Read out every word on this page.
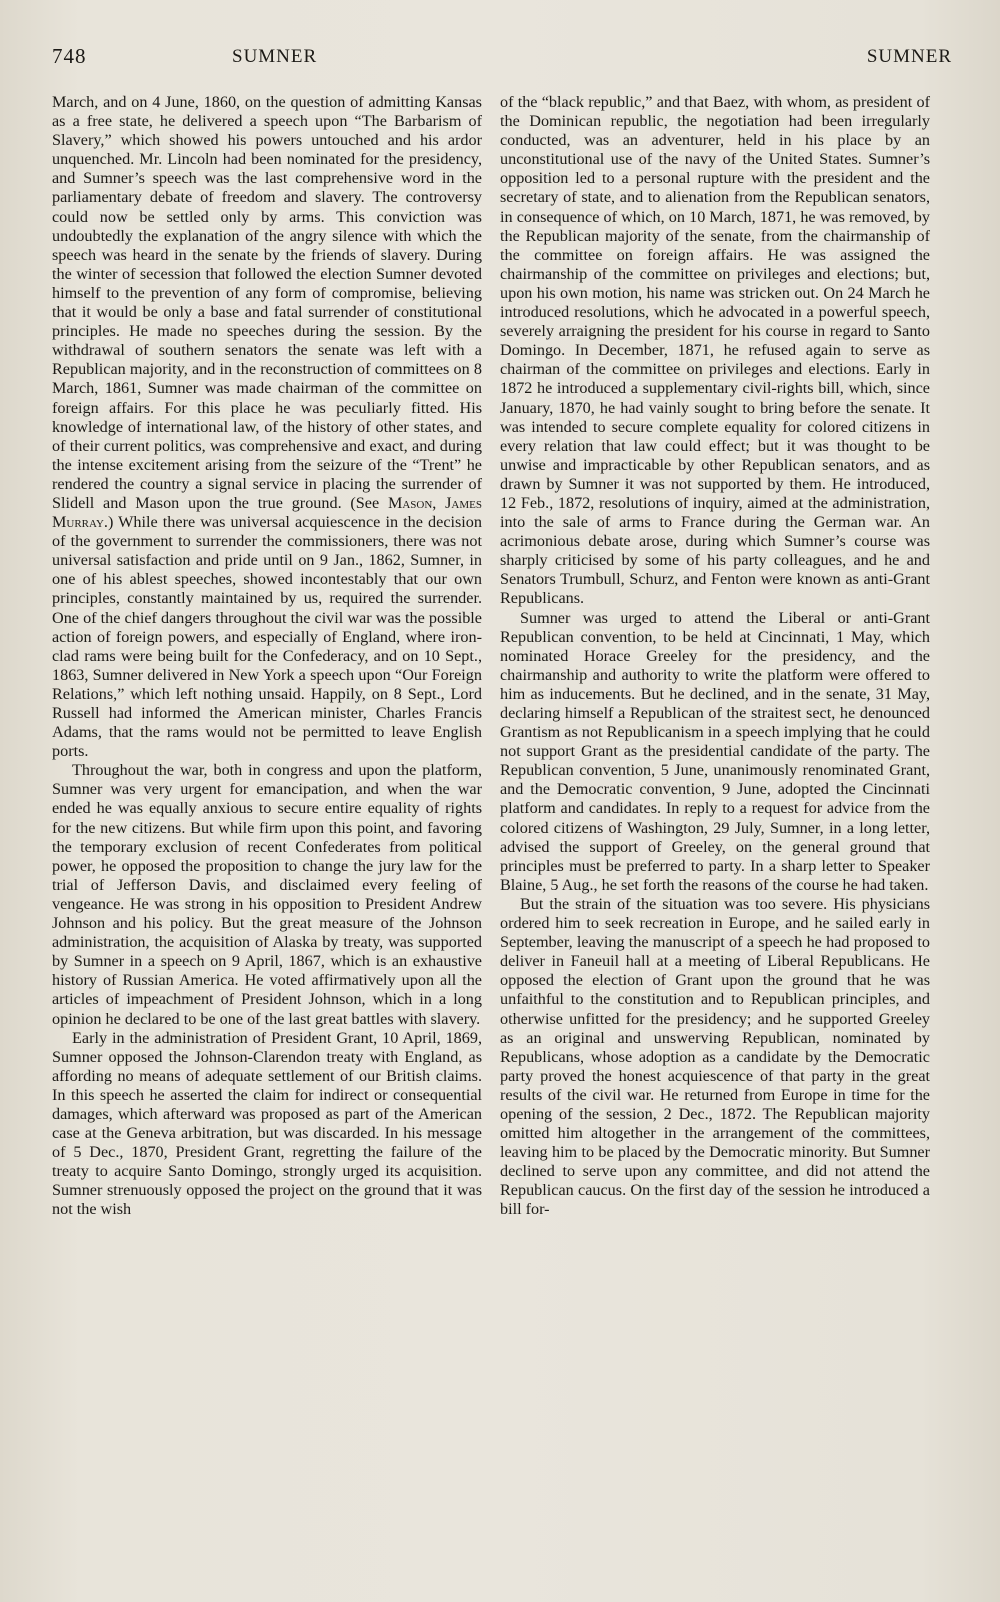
748	SUMNER	SUMNER

March, and on 4 June, 1860, on the question of admitting Kansas as a free state, he delivered a speech upon “The Barbarism of Slavery,” which showed his powers untouched and his ardor unquenched. Mr. Lincoln had been nominated for the presidency, and Sumner’s speech was the last comprehensive word in the parliamentary debate of freedom and slavery. The controversy could now be settled only by arms. This conviction was undoubtedly the explanation of the angry silence with which the speech was heard in the senate by the friends of slavery. During the winter of secession that followed the election Sumner devoted himself to the prevention of any form of compromise, believing that it would be only a base and fatal surrender of constitutional principles. He made no speeches during the session. By the withdrawal of southern senators the senate was left with a Republican majority, and in the reconstruction of committees on 8 March, 1861, Sumner was made chairman of the committee on foreign affairs. For this place he was peculiarly fitted. His knowledge of international law, of the history of other states, and of their current politics, was comprehensive and exact, and during the intense excitement arising from the seizure of the “Trent” he rendered the country a signal service in placing the surrender of Slidell and Mason upon the true ground. (See Mason, James Murray.) While there was universal acquiescence in the decision of the government to surrender the commissioners, there was not universal satisfaction and pride until on 9 Jan., 1862, Sumner, in one of his ablest speeches, showed incontestably that our own principles, constantly maintained by us, required the surrender. One of the chief dangers throughout the civil war was the possible action of foreign powers, and especially of England, where iron-clad rams were being built for the Confederacy, and on 10 Sept., 1863, Sumner delivered in New York a speech upon “Our Foreign Relations,” which left nothing unsaid. Happily, on 8 Sept., Lord Russell had informed the American minister, Charles Francis Adams, that the rams would not be permitted to leave English ports.

Throughout the war, both in congress and upon the platform, Sumner was very urgent for emancipation, and when the war ended he was equally anxious to secure entire equality of rights for the new citizens. But while firm upon this point, and favoring the temporary exclusion of recent Confederates from political power, he opposed the proposition to change the jury law for the trial of Jefferson Davis, and disclaimed every feeling of vengeance. He was strong in his opposition to President Andrew Johnson and his policy. But the great measure of the Johnson administration, the acquisition of Alaska by treaty, was supported by Sumner in a speech on 9 April, 1867, which is an exhaustive history of Russian America. He voted affirmatively upon all the articles of impeachment of President Johnson, which in a long opinion he declared to be one of the last great battles with slavery.

Early in the administration of President Grant, 10 April, 1869, Sumner opposed the Johnson-Clarendon treaty with England, as affording no means of adequate settlement of our British claims. In this speech he asserted the claim for indirect or consequential damages, which afterward was proposed as part of the American case at the Geneva arbitration, but was discarded. In his message of 5 Dec., 1870, President Grant, regretting the failure of the treaty to acquire Santo Domingo, strongly urged its acquisition. Sumner strenuously opposed the project on the ground that it was not the wish

of the “black republic,” and that Baez, with whom, as president of the Dominican republic, the negotiation had been irregularly conducted, was an adventurer, held in his place by an unconstitutional use of the navy of the United States. Sumner’s opposition led to a personal rupture with the president and the secretary of state, and to alienation from the Republican senators, in consequence of which, on 10 March, 1871, he was removed, by the Republican majority of the senate, from the chairmanship of the committee on foreign affairs. He was assigned the chairmanship of the committee on privileges and elections; but, upon his own motion, his name was stricken out. On 24 March he introduced resolutions, which he advocated in a powerful speech, severely arraigning the president for his course in regard to Santo Domingo. In December, 1871, he refused again to serve as chairman of the committee on privileges and elections. Early in 1872 he introduced a supplementary civil-rights bill, which, since January, 1870, he had vainly sought to bring before the senate. It was intended to secure complete equality for colored citizens in every relation that law could effect; but it was thought to be unwise and impracticable by other Republican senators, and as drawn by Sumner it was not supported by them. He introduced, 12 Feb., 1872, resolutions of inquiry, aimed at the administration, into the sale of arms to France during the German war. An acrimonious debate arose, during which Sumner’s course was sharply criticised by some of his party colleagues, and he and Senators Trumbull, Schurz, and Fenton were known as anti-Grant Republicans.

Sumner was urged to attend the Liberal or anti-Grant Republican convention, to be held at Cincinnati, 1 May, which nominated Horace Greeley for the presidency, and the chairmanship and authority to write the platform were offered to him as inducements. But he declined, and in the senate, 31 May, declaring himself a Republican of the straitest sect, he denounced Grantism as not Republicanism in a speech implying that he could not support Grant as the presidential candidate of the party. The Republican convention, 5 June, unanimously renominated Grant, and the Democratic convention, 9 June, adopted the Cincinnati platform and candidates. In reply to a request for advice from the colored citizens of Washington, 29 July, Sumner, in a long letter, advised the support of Greeley, on the general ground that principles must be preferred to party. In a sharp letter to Speaker Blaine, 5 Aug., he set forth the reasons of the course he had taken.

But the strain of the situation was too severe. His physicians ordered him to seek recreation in Europe, and he sailed early in September, leaving the manuscript of a speech he had proposed to deliver in Faneuil hall at a meeting of Liberal Republicans. He opposed the election of Grant upon the ground that he was unfaithful to the constitution and to Republican principles, and otherwise unfitted for the presidency; and he supported Greeley as an original and unswerving Republican, nominated by Republicans, whose adoption as a candidate by the Democratic party proved the honest acquiescence of that party in the great results of the civil war. He returned from Europe in time for the opening of the session, 2 Dec., 1872. The Republican majority omitted him altogether in the arrangement of the committees, leaving him to be placed by the Democratic minority. But Sumner declined to serve upon any committee, and did not attend the Republican caucus. On the first day of the session he introduced a bill for-
